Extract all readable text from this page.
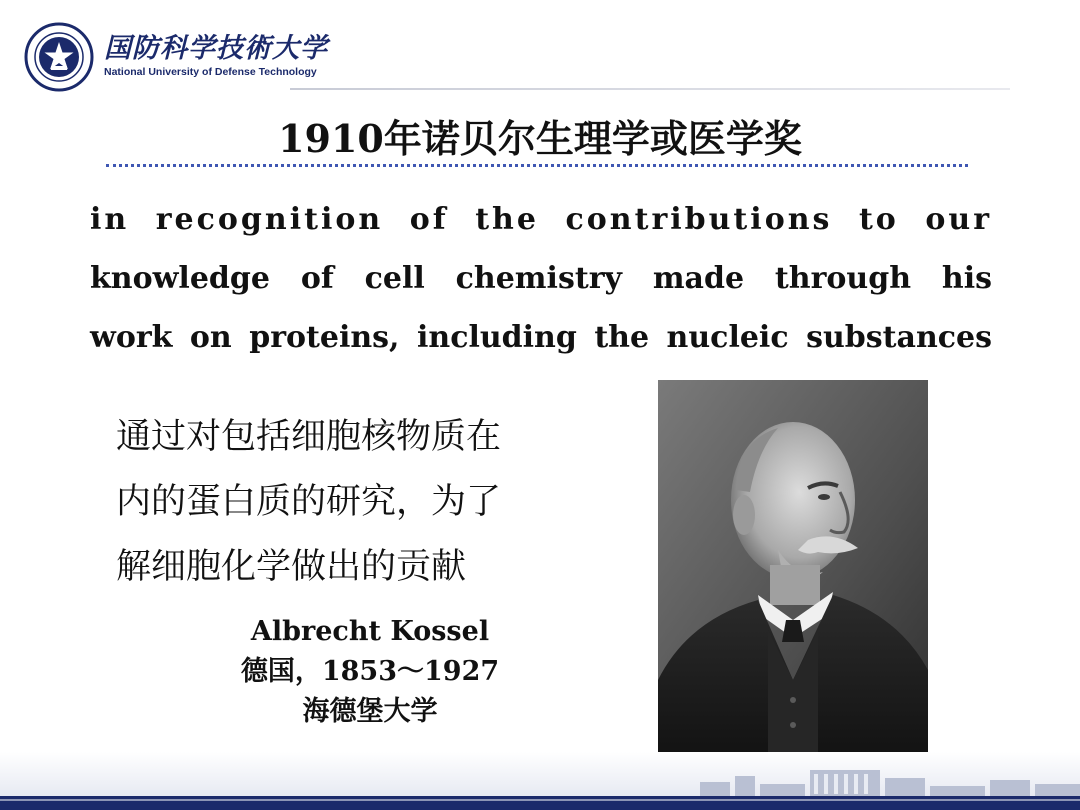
国防科学技術大学
National University of Defense Technology
1910年诺贝尔生理学或医学奖
in recognition of the contributions to our
knowledge of cell chemistry made through his
work on proteins, including the nucleic substances
通过对包括细胞核物质在
内的蛋白质的研究，为了
解细胞化学做出的贡献
Albrecht Kossel
德国，1853～1927
海德堡大学
